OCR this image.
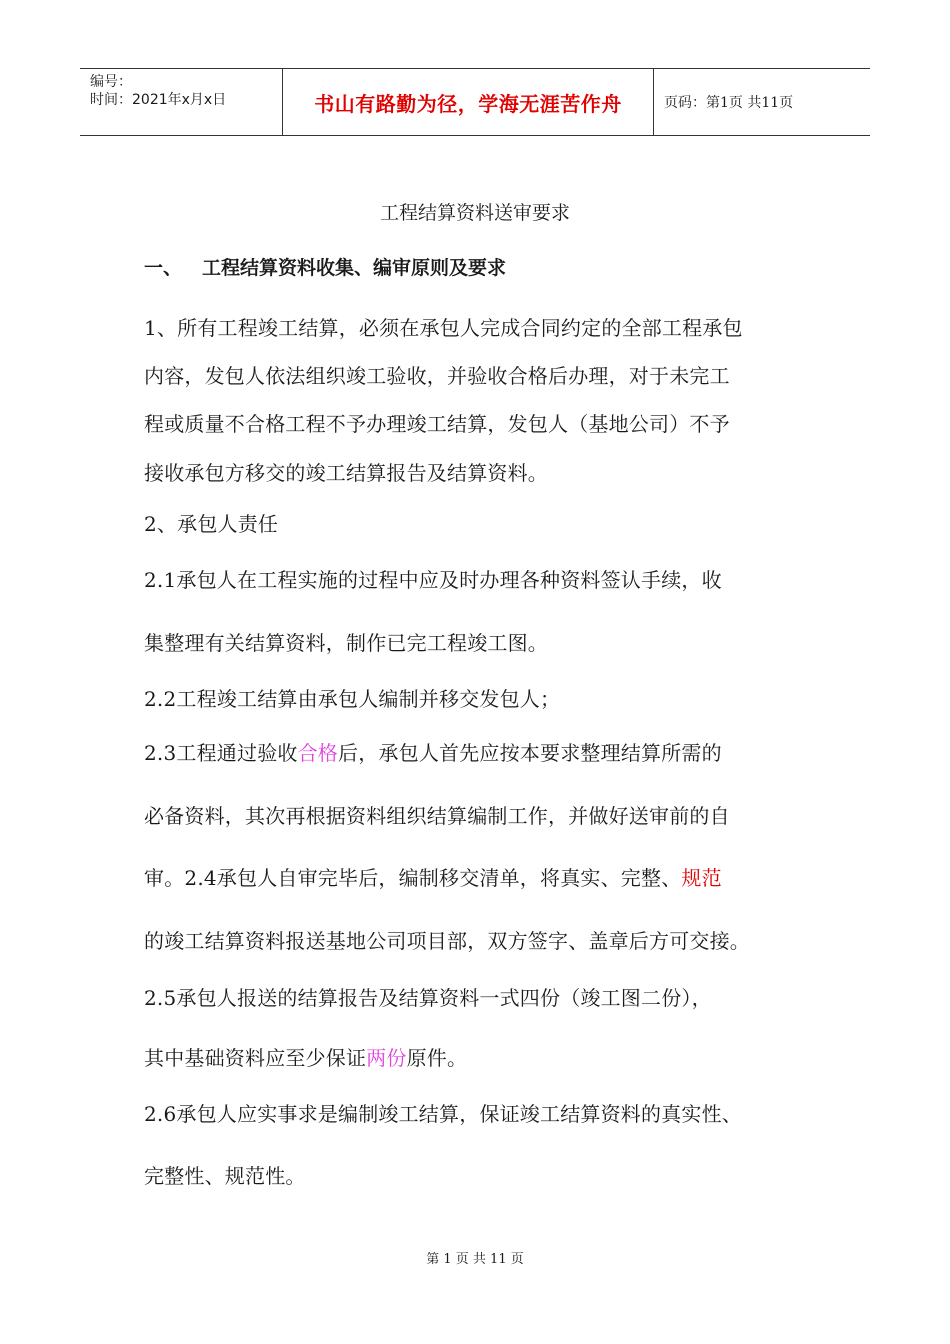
编号：
时间：2021年x月x日	书山有路勤为径，学海无涯苦作舟	页码：第1页 共11页
工程结算资料送审要求
一、 工程结算资料收集、编审原则及要求
1、所有工程竣工结算，必须在承包人完成合同约定的全部工程承包
内容，发包人依法组织竣工验收，并验收合格后办理，对于未完工
程或质量不合格工程不予办理竣工结算，发包人（基地公司）不予
接收承包方移交的竣工结算报告及结算资料。
2、承包人责任
2.1承包人在工程实施的过程中应及时办理各种资料签认手续，收
集整理有关结算资料，制作已完工程竣工图。
2.2工程竣工结算由承包人编制并移交发包人；
2.3工程通过验收合格后，承包人首先应按本要求整理结算所需的
必备资料，其次再根据资料组织结算编制工作，并做好送审前的自
审。2.4承包人自审完毕后，编制移交清单，将真实、完整、规范
的竣工结算资料报送基地公司项目部，双方签字、盖章后方可交接。
2.5承包人报送的结算报告及结算资料一式四份（竣工图二份），
其中基础资料应至少保证两份原件。
2.6承包人应实事求是编制竣工结算，保证竣工结算资料的真实性、
完整性、规范性。
第 1 页 共 11 页
